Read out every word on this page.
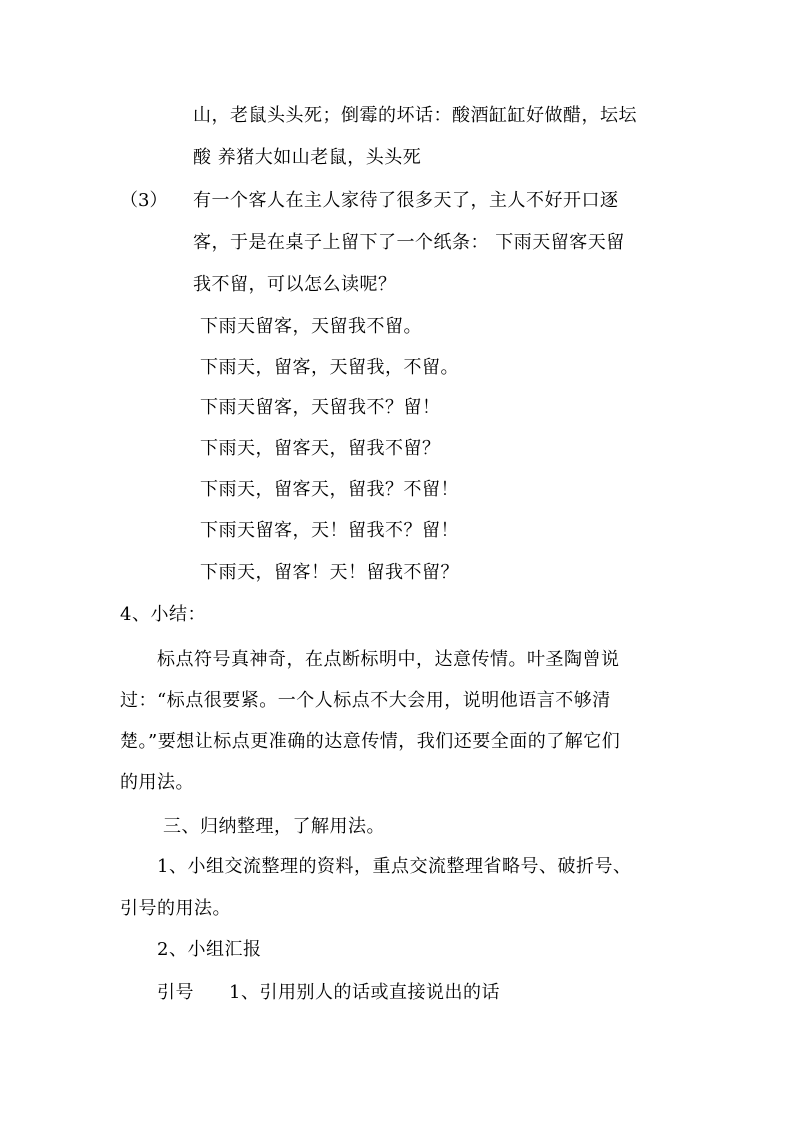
山，老鼠头头死；倒霉的坏话：酸酒缸缸好做醋，坛坛
酸 养猪大如山老鼠，头头死
（3） 有一个客人在主人家待了很多天了，主人不好开口逐
客，于是在桌子上留下了一个纸条： 下雨天留客天留
我不留，可以怎么读呢？
下雨天留客，天留我不留。
下雨天，留客，天留我，不留。
下雨天留客，天留我不？留！
下雨天，留客天，留我不留？
下雨天，留客天，留我？不留！
下雨天留客，天！留我不？留！
下雨天，留客！天！留我不留？
4、小结：
标点符号真神奇，在点断标明中，达意传情。叶圣陶曾说
过：“标点很要紧。一个人标点不大会用，说明他语言不够清
楚。”要想让标点更准确的达意传情，我们还要全面的了解它们
的用法。
三、归纳整理，了解用法。
1、小组交流整理的资料，重点交流整理省略号、破折号、
引号的用法。
2、小组汇报
引号 1、引用别人的话或直接说出的话
